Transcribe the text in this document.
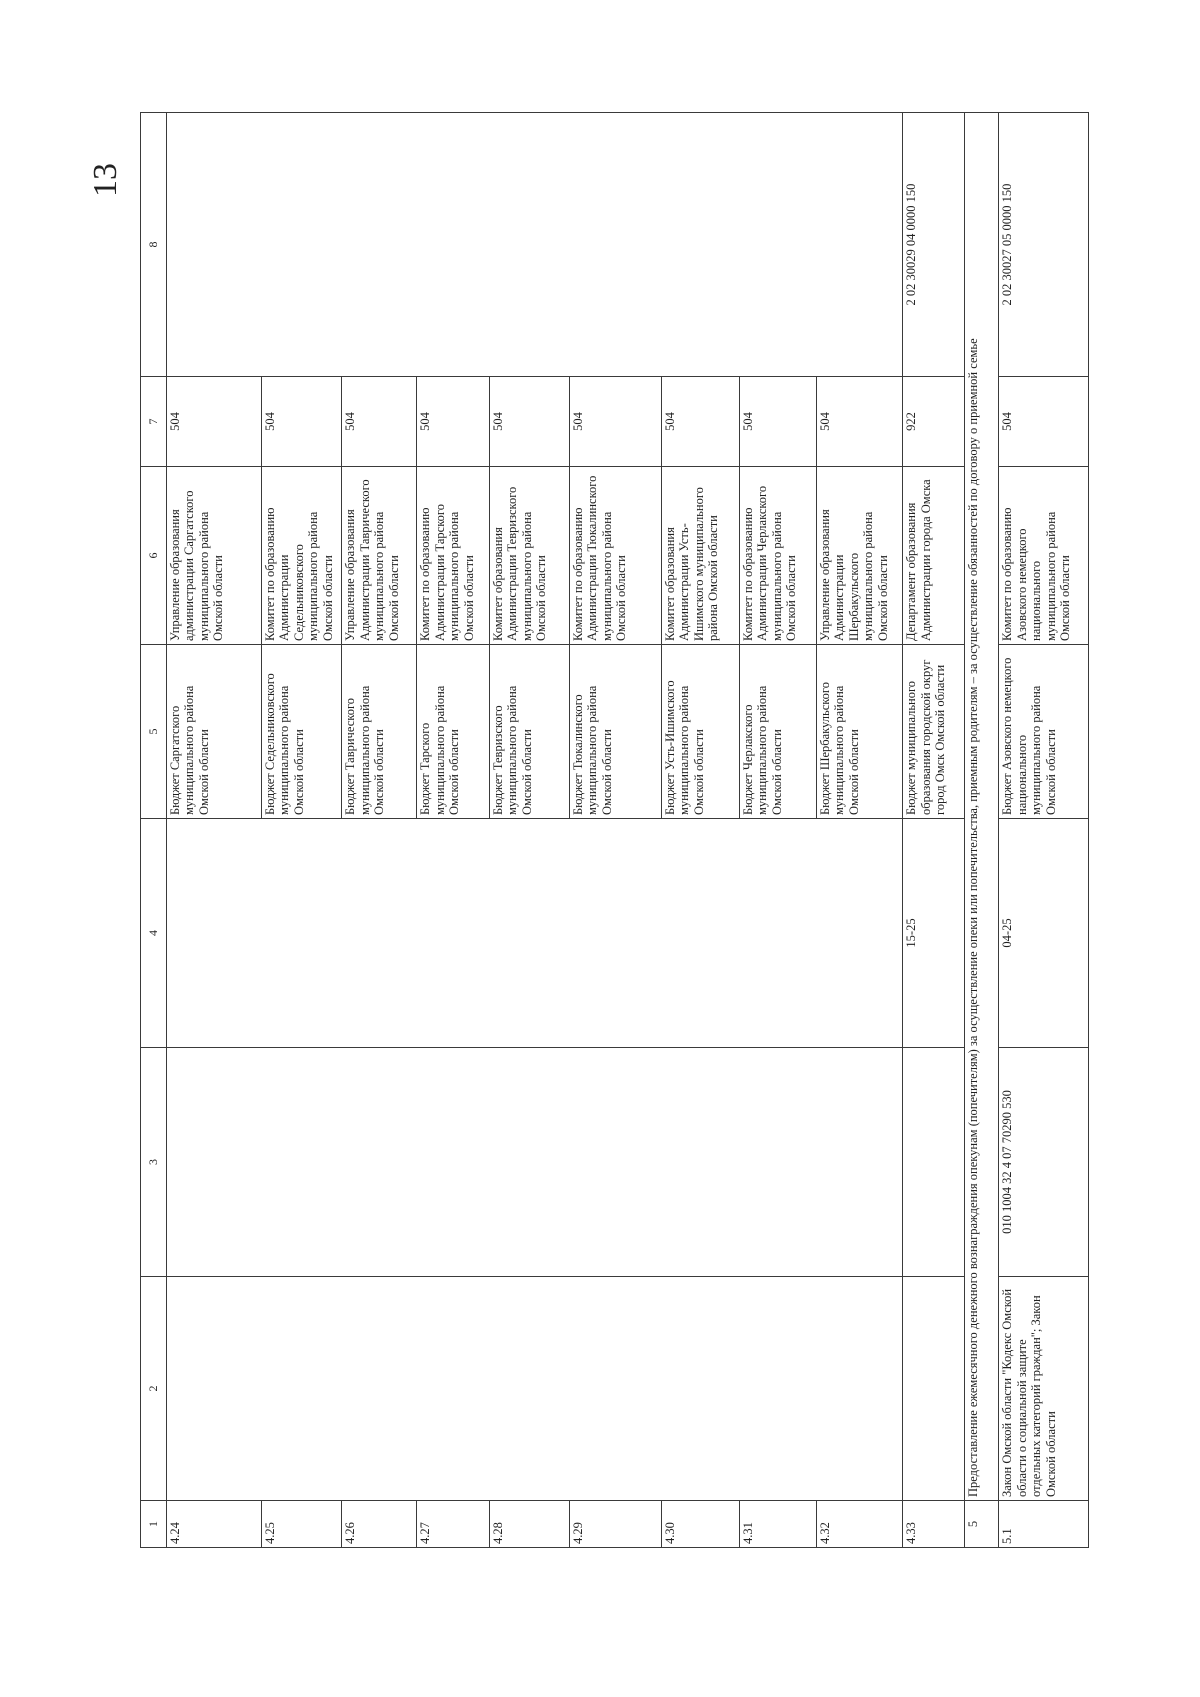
13
1	2	3	4	5	6	7	8
4.24				Бюджет Саргатского муниципального района Омской области	Управление образования администрации Саргатского муниципального района Омской области	504	
4.25				Бюджет Седельниковского муниципального района Омской области	Комитет по образованию Администрации Седельниковского муниципального района Омской области	504	
4.26				Бюджет Таврического муниципального района Омской области	Управление образования Администрации Таврического муниципального района Омской области	504	
4.27				Бюджет Тарского муниципального района Омской области	Комитет по образованию Администрации Тарского муниципального района Омской области	504	
4.28				Бюджет Тевризского муниципального района Омской области	Комитет образования Администрации Тевризского муниципального района Омской области	504	
4.29				Бюджет Тюкалинского муниципального района Омской области	Комитет по образованию Администрации Тюкалинского муниципального района Омской области	504	
4.30				Бюджет Усть-Ишимского муниципального района Омской области	Комитет образования Администрации Усть-Ишимского муниципального района Омской области	504	
4.31				Бюджет Черлакского муниципального района Омской области	Комитет по образованию Администрации Черлакского муниципального района Омской области	504	
4.32				Бюджет Шербакульского муниципального района Омской области	Управление образования Администрации Шербакульского муниципального района Омской области	504	
4.33			15-25	Бюджет муниципального образования городской округ город Омск Омской области	Департамент образования Администрации города Омска	922	2 02 30029 04 0000 150
5	Предоставление ежемесячного денежного вознаграждения опекунам (попечителям) за осуществление опеки или попечительства, приемным родителям – за осуществление обязанностей по договору о приемной семье						
5.1	Закон Омской области "Кодекс Омской области о социальной защите отдельных категорий граждан"; Закон Омской области	010 1004 32 4 07 70290 530	04-25	Бюджет Азовского немецкого национального муниципального района Омской области	Комитет по образованию Азовского немецкого национального муниципального района Омской области	504	2 02 30027 05 0000 150
